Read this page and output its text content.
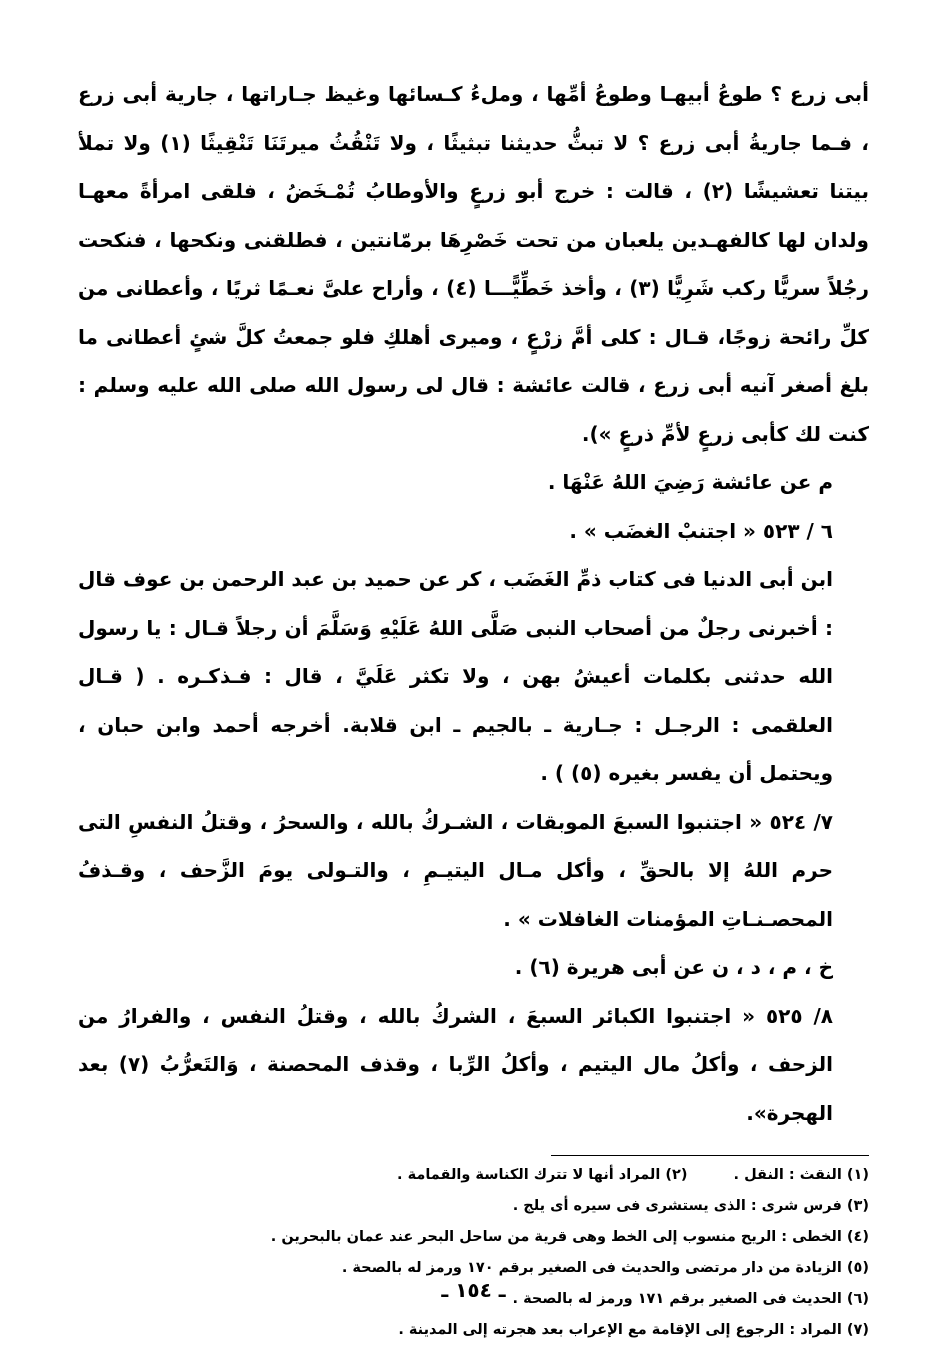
أبى زرع ؟ طوعُ أبيهـا وطوعُ أمِّها ، وملءُ كـسائها وغيظ جـاراتها ، جارية أبى زرع ، فـما جاريةُ أبى زرع ؟ لا تبثُّ حديثنا تبثيثًا ، ولا تَنْقُثُ ميرتَنَا تَنْقِيثًا (١) ولا تملأ بيتنا تعشيشًا (٢) ، قالت : خرج أبو زرعٍ والأوطابُ تُمْـخَضُ ، فلقى امرأةً معهـا ولدان لها كالفهـدين يلعبان من تحت خَصْرِهَا برمّانتين ، فطلقنى ونكحها ، فنكحت رجُلاً سريًّا ركب شَرِيًّا (٣) ، وأخذ خَطِّيًّـــا (٤) ، وأراح علىَّ نعـمًا ثريًا ، وأعطانى من كلِّ رائحة زوجًا، قـال : كلى أمَّ زرْعٍ ، وميرى أهلكِ فلو جمعتُ كلَّ شئٍ أعطانى ما بلغ أصغر آنيه أبى زرع ، قالت عائشة : قال لى رسول الله صلى الله عليه وسلم : كنت لك كأبى زرعٍ لأمِّ ذرعٍ »).

م عن عائشة رَضِيَ اللهُ عَنْهَا .

٦ / ٥٢٣ « اجتنبْ الغضَب » .

ابن أبى الدنيا فى كتاب ذمِّ الغَضَب ، كر عن حميد بن عبد الرحمن بن عوف قال : أخبرنى رجلٌ من أصحاب النبى صَلَّى اللهُ عَلَيْهِ وَسَلَّمَ أن رجلاً قـال : يا رسول الله حدثنى بكلمات أعيشُ بهن ، ولا تكثر عَلَيَّ ، قال : فـذكـره . ( قـال العلقمى : الرجـل : جـارية ـ بالجيم ـ ابن قلابة. أخرجه أحمد وابن حبان ، ويحتمل أن يفسر بغيره (٥) ) .

٧/ ٥٢٤ « اجتنبوا السبعَ الموبقات ، الشـركُ بالله ، والسحرُ ، وقتلُ النفسِ التى حرم اللهُ إلا بالحقِّ ، وأكل مـال اليتيـمِ ، والتـولى يومَ الزَّحف ، وقـذفُ المحصـنـاتِ المؤمنات الغافلات » .

خ ، م ، د ، ن عن أبى هريرة (٦) .

٨/ ٥٢٥ « اجتنبوا الكبائر السبعَ ، الشركُ بالله ، وقتلُ النفس ، والفرارُ من الزحف ، وأكلُ مال اليتيم ، وأكلُ الرِّبا ، وقذف المحصنة ، وَالتَعرُّبُ (٧) بعد الهجرة».

(١) النقث : النقل .(٢) المراد أنها لا تترك الكناسة والقمامة .

(٣) فرس شرى : الذى يستشرى فى سيره أى يلج .

(٤) الخطى : الريح منسوب إلى الخط وهى قرية من ساحل البحر عند عمان بالبحرين .

(٥) الزيادة من دار مرتضى والحديث فى الصغير برقم ١٧٠ ورمز له بالصحة .

(٦) الحديث فى الصغير برقم ١٧١ ورمز له بالصحة .

(٧) المراد : الرجوع إلى الإقامة مع الإعراب بعد هجرته إلى المدينة .

ـ ١٥٤ ـ
